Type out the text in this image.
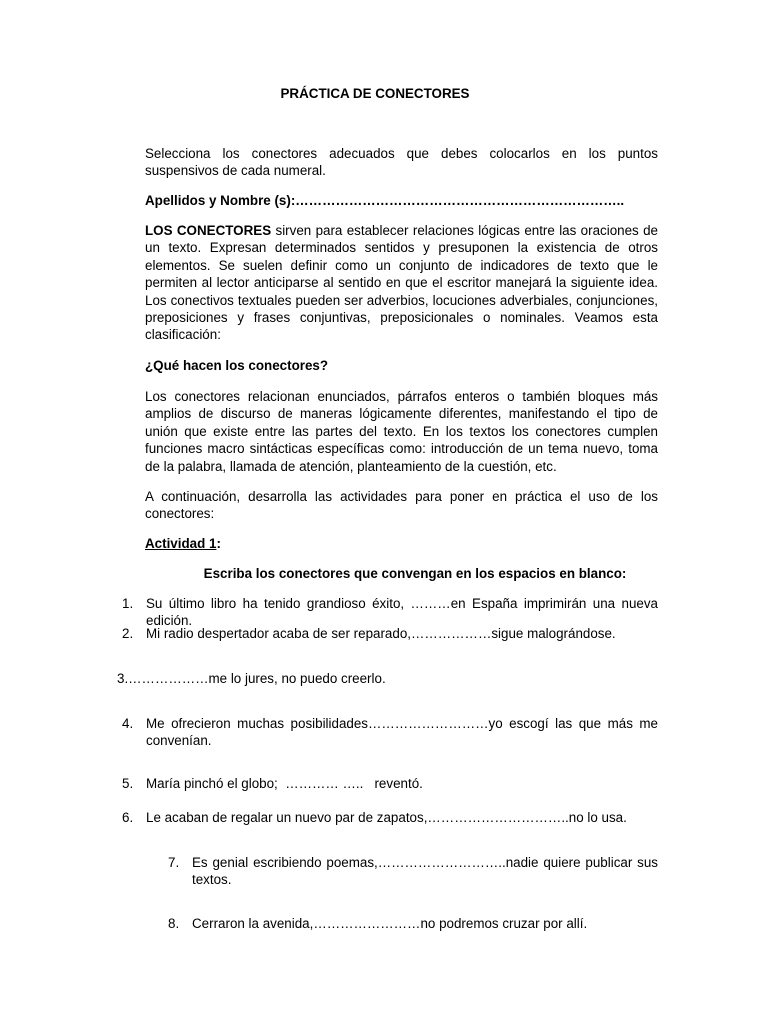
PRÁCTICA DE CONECTORES
Selecciona los conectores adecuados que debes colocarlos en los puntos suspensivos de cada numeral.
Apellidos y Nombre (s):………………………………………………………………..
LOS CONECTORES sirven para establecer relaciones lógicas entre las oraciones de un texto. Expresan determinados sentidos y presuponen la existencia de otros elementos. Se suelen definir como un conjunto de indicadores de texto que le permiten al lector anticiparse al sentido en que el escritor manejará la siguiente idea. Los conectivos textuales pueden ser adverbios, locuciones adverbiales, conjunciones, preposiciones y frases conjuntivas, preposicionales o nominales. Veamos esta clasificación:
¿Qué hacen los conectores?
Los conectores relacionan enunciados, párrafos enteros o también bloques más amplios de discurso de maneras lógicamente diferentes, manifestando el tipo de unión que existe entre las partes del texto. En los textos los conectores cumplen funciones macro sintácticas específicas como: introducción de un tema nuevo, toma de la palabra, llamada de atención, planteamiento de la cuestión, etc.
A continuación, desarrolla las actividades para poner en práctica el uso de los conectores:
Actividad 1:
Escriba los conectores que convengan en los espacios en blanco:
1. Su último libro ha tenido grandioso éxito, ………en España imprimirán una nueva edición.
2. Mi radio despertador acaba de ser reparado,………………sigue malográndose.
3.………………me lo jures, no puedo creerlo.
4. Me ofrecieron muchas posibilidades………………………yo escogí las que más me convenían.
5. María pinchó el globo;  ………… …..   reventó.
6. Le acaban de regalar un nuevo par de zapatos,…………………………..no lo usa.
7. Es genial escribiendo poemas,………………………..nadie quiere publicar sus textos.
8. Cerraron la avenida,……………………no podremos cruzar por allí.
